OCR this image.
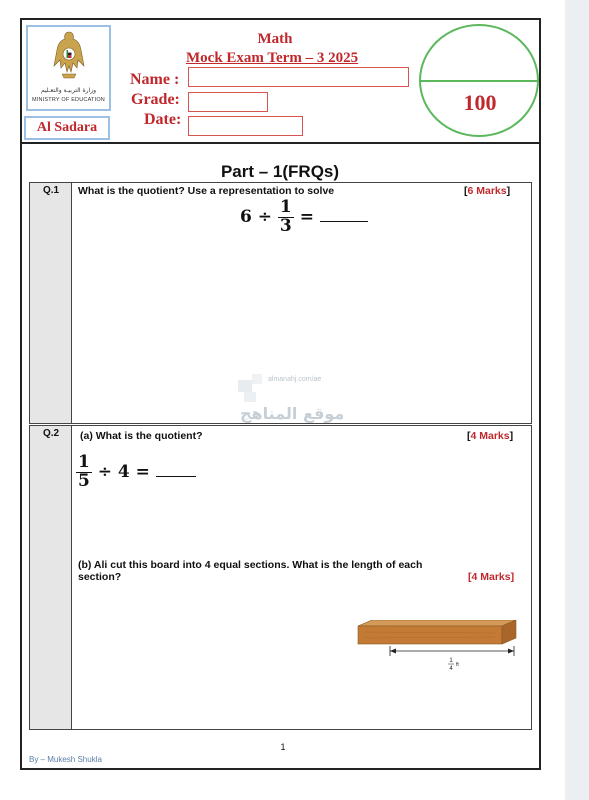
وزارة التربيـة والتعـليم
MINISTRY OF EDUCATION
Al Sadara
Math
Mock Exam Term – 3 2025
Name :
Grade:
Date:
100
Part – 1(FRQs)
Q.1	What is the quotient? Use a representation to solve	[6 Marks]
$6 \div \frac{1}{3}$ =
Q.2	(a) What is the quotient?	[4 Marks]
$\frac{1}{5} \div 4$ =
(b) Ali cut this board into 4 equal sections. What is the length of each
section?	[4 Marks]
1
4
ft
almanahj.com/ae
موقع المناهج
1
By – Mukesh Shukla
